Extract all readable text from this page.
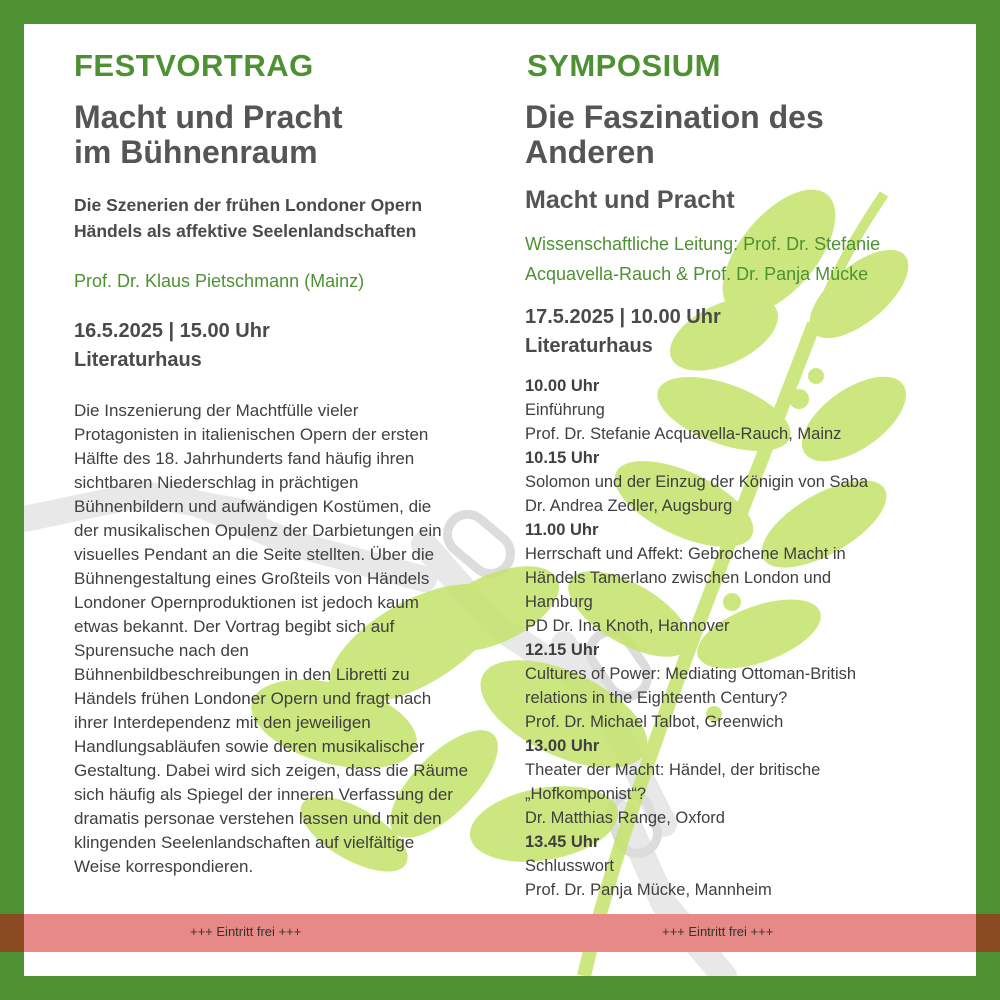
FESTVORTRAG
Macht und Pracht
im Bühnenraum
Die Szenerien der frühen Londoner Opern
Händels als affektive Seelenlandschaften
Prof. Dr. Klaus Pietschmann (Mainz)
16.5.2025 | 15.00 Uhr
Literaturhaus
Die Inszenierung der Machtfülle vieler
Protagonisten in italienischen Opern der ersten
Hälfte des 18. Jahrhunderts fand häufig ihren
sichtbaren Niederschlag in prächtigen
Bühnenbildern und aufwändigen Kostümen, die
der musikalischen Opulenz der Darbietungen ein
visuelles Pendant an die Seite stellten. Über die
Bühnengestaltung eines Großteils von Händels
Londoner Opernproduktionen ist jedoch kaum
etwas bekannt. Der Vortrag begibt sich auf
Spurensuche nach den
Bühnenbildbeschreibungen in den Libretti zu
Händels frühen Londoner Opern und fragt nach
ihrer Interdependenz mit den jeweiligen
Handlungsabläufen sowie deren musikalischer
Gestaltung. Dabei wird sich zeigen, dass die Räume
sich häufig als Spiegel der inneren Verfassung der
dramatis personae verstehen lassen und mit den
klingenden Seelenlandschaften auf vielfältige
Weise korrespondieren.
SYMPOSIUM
Die Faszination des
Anderen
Macht und Pracht
Wissenschaftliche Leitung: Prof. Dr. Stefanie
Acquavella-Rauch & Prof. Dr. Panja Mücke
17.5.2025 | 10.00 Uhr
Literaturhaus
10.00 Uhr
Einführung
Prof. Dr. Stefanie Acquavella-Rauch, Mainz
10.15 Uhr
Solomon und der Einzug der Königin von Saba
Dr. Andrea Zedler, Augsburg
11.00 Uhr
Herrschaft und Affekt: Gebrochene Macht in
Händels Tamerlano zwischen London und
Hamburg
PD Dr. Ina Knoth, Hannover
12.15 Uhr
Cultures of Power: Mediating Ottoman-British
relations in the Eighteenth Century?
Prof. Dr. Michael Talbot, Greenwich
13.00 Uhr
Theater der Macht: Händel, der britische
„Hofkomponist“?
Dr. Matthias Range, Oxford
13.45 Uhr
Schlusswort
Prof. Dr. Panja Mücke, Mannheim
+++ Eintritt frei +++	+++ Eintritt frei +++
